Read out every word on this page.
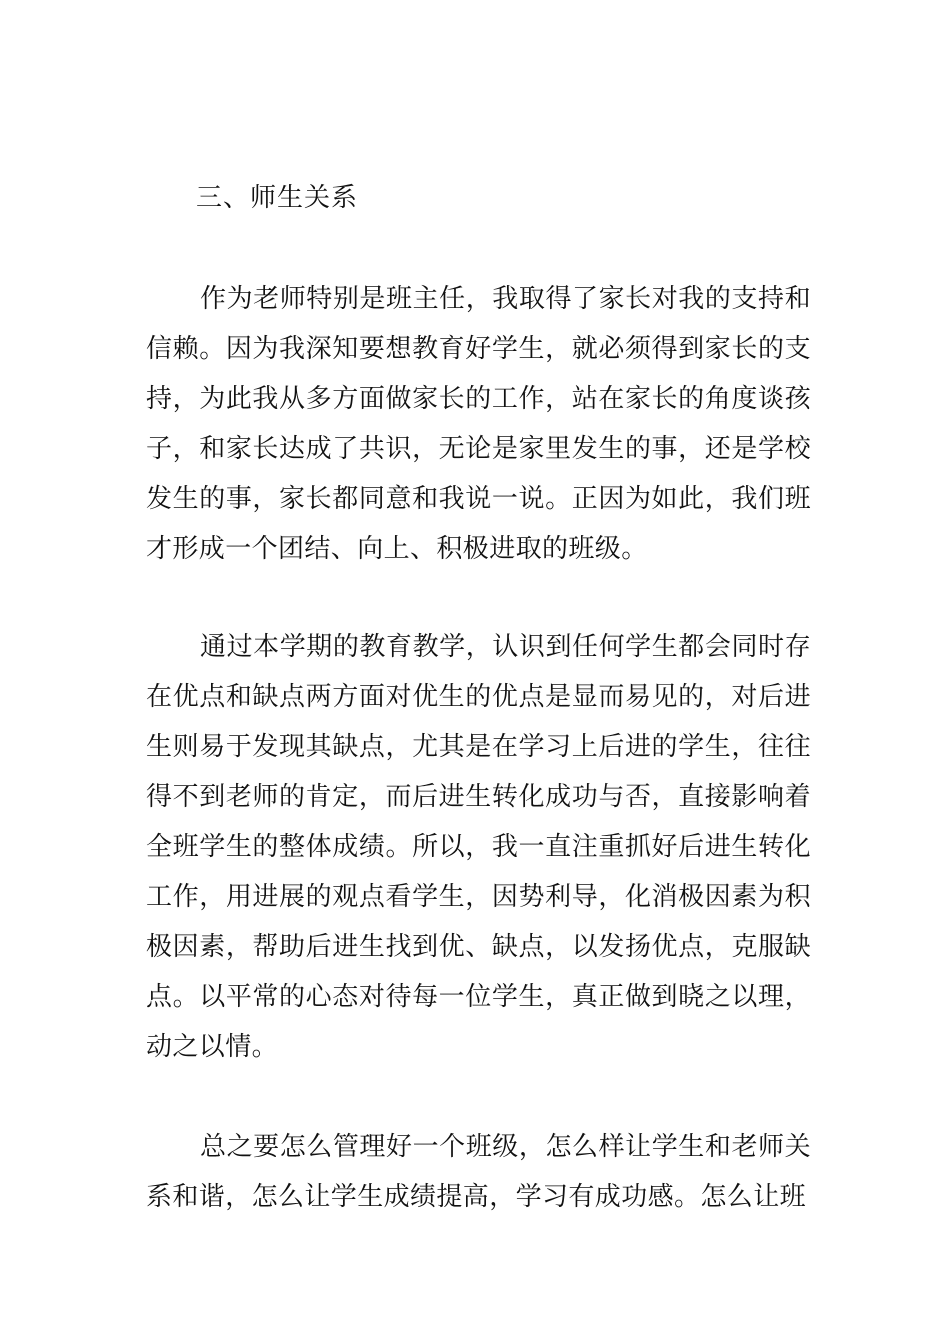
三、师生关系

作为老师特别是班主任，我取得了家长对我的支持和信赖。因为我深知要想教育好学生，就必须得到家长的支持，为此我从多方面做家长的工作，站在家长的角度谈孩子，和家长达成了共识，无论是家里发生的事，还是学校发生的事，家长都同意和我说一说。正因为如此，我们班才形成一个团结、向上、积极进取的班级。

通过本学期的教育教学，认识到任何学生都会同时存在优点和缺点两方面对优生的优点是显而易见的，对后进生则易于发现其缺点，尤其是在学习上后进的学生，往往得不到老师的肯定，而后进生转化成功与否，直接影响着全班学生的整体成绩。所以，我一直注重抓好后进生转化工作，用进展的观点看学生，因势利导，化消极因素为积极因素，帮助后进生找到优、缺点，以发扬优点，克服缺点。以平常的心态对待每一位学生，真正做到晓之以理，动之以情。

总之要怎么管理好一个班级，怎么样让学生和老师关系和谐，怎么让学生成绩提高，学习有成功感。怎么让班
